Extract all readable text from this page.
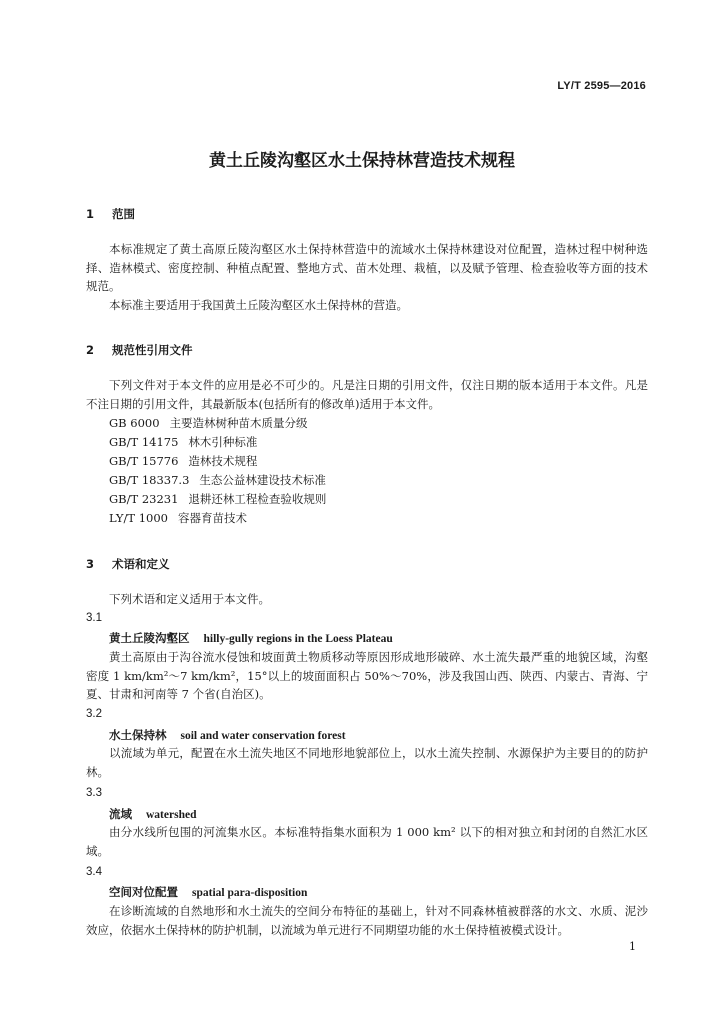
LY/T 2595—2016
黄土丘陵沟壑区水土保持林营造技术规程
1 范围
本标准规定了黄土高原丘陵沟壑区水土保持林营造中的流域水土保持林建设对位配置，造林过程中树种选择、造林模式、密度控制、种植点配置、整地方式、苗木处理、栽植，以及赋予管理、检查验收等方面的技术规范。
本标准主要适用于我国黄土丘陵沟壑区水土保持林的营造。
2 规范性引用文件
下列文件对于本文件的应用是必不可少的。凡是注日期的引用文件，仅注日期的版本适用于本文件。凡是不注日期的引用文件，其最新版本(包括所有的修改单)适用于本文件。
GB 6000 主要造林树种苗木质量分级
GB/T 14175 林木引种标准
GB/T 15776 造林技术规程
GB/T 18337.3 生态公益林建设技术标准
GB/T 23231 退耕还林工程检查验收规则
LY/T 1000 容器育苗技术
3 术语和定义
下列术语和定义适用于本文件。
3.1
黄土丘陵沟壑区 hilly-gully regions in the Loess Plateau
黄土高原由于沟谷流水侵蚀和坡面黄土物质移动等原因形成地形破碎、水土流失最严重的地貌区域，沟壑密度 1 km/km²～7 km/km²，15°以上的坡面面积占 50%～70%，涉及我国山西、陕西、内蒙古、青海、宁夏、甘肃和河南等 7 个省(自治区)。
3.2
水土保持林 soil and water conservation forest
以流域为单元，配置在水土流失地区不同地形地貌部位上，以水土流失控制、水源保护为主要目的的防护林。
3.3
流域 watershed
由分水线所包围的河流集水区。本标准特指集水面积为 1 000 km² 以下的相对独立和封闭的自然汇水区域。
3.4
空间对位配置 spatial para-disposition
在诊断流域的自然地形和水土流失的空间分布特征的基础上，针对不同森林植被群落的水文、水质、泥沙效应，依据水土保持林的防护机制，以流域为单元进行不同期望功能的水土保持植被模式设计。
1
